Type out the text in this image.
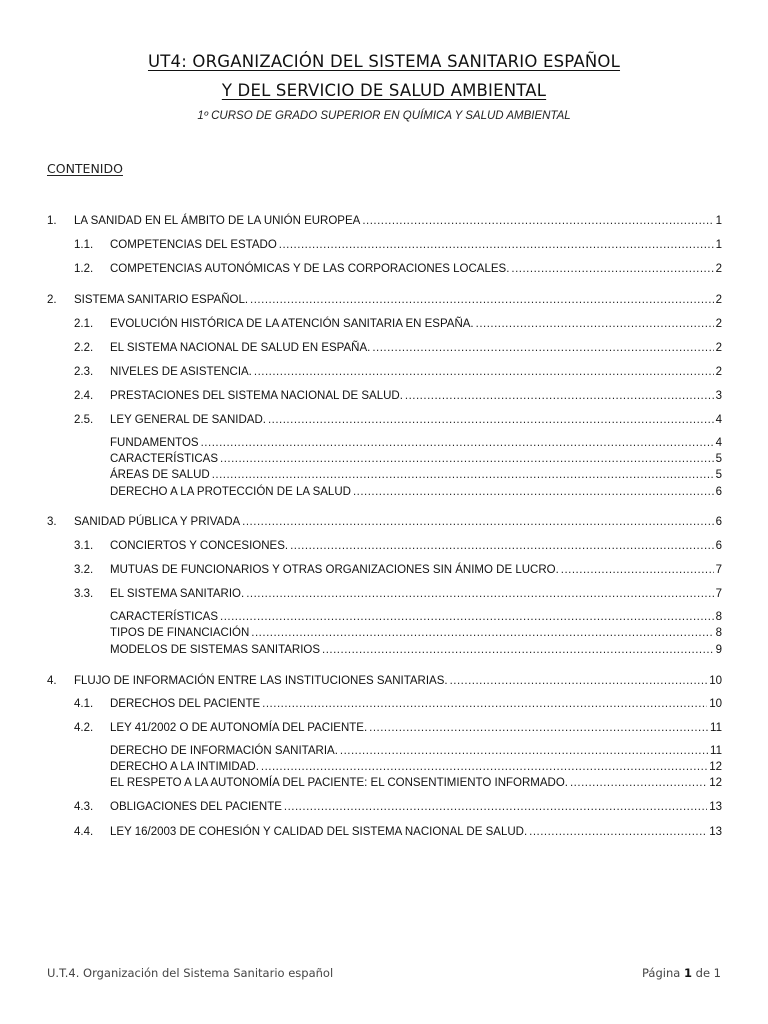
UT4: ORGANIZACIÓN DEL SISTEMA SANITARIO ESPAÑOL
Y DEL SERVICIO DE SALUD AMBIENTAL
1º CURSO DE GRADO SUPERIOR EN QUÍMICA Y SALUD AMBIENTAL
CONTENIDO
1.	LA SANIDAD EN EL ÁMBITO DE LA UNIÓN EUROPEA .....	1
1.1.	COMPETENCIAS DEL ESTADO .....	1
1.2.	COMPETENCIAS AUTONÓMICAS Y DE LAS CORPORACIONES LOCALES. .....	2
2.	SISTEMA SANITARIO ESPAÑOL. .....	2
2.1.	EVOLUCIÓN HISTÓRICA DE LA ATENCIÓN SANITARIA EN ESPAÑA. .....	2
2.2.	EL SISTEMA NACIONAL DE SALUD EN ESPAÑA. .....	2
2.3.	NIVELES DE ASISTENCIA. .....	2
2.4.	PRESTACIONES DEL SISTEMA NACIONAL DE SALUD. .....	3
2.5.	LEY GENERAL DE SANIDAD. .....	4
FUNDAMENTOS .....	4
CARACTERÍSTICAS .....	5
ÁREAS DE SALUD .....	5
DERECHO A LA PROTECCIÓN DE LA SALUD .....	6
3.	SANIDAD PÚBLICA Y PRIVADA .....	6
3.1.	CONCIERTOS Y CONCESIONES. .....	6
3.2.	MUTUAS DE FUNCIONARIOS Y OTRAS ORGANIZACIONES SIN ÁNIMO DE LUCRO. .....	7
3.3.	EL SISTEMA SANITARIO. .....	7
CARACTERÍSTICAS .....	8
TIPOS DE FINANCIACIÓN .....	8
MODELOS DE SISTEMAS SANITARIOS .....	9
4.	FLUJO DE INFORMACIÓN ENTRE LAS INSTITUCIONES SANITARIAS. .....	10
4.1.	DERECHOS DEL PACIENTE .....	10
4.2.	LEY 41/2002 O DE AUTONOMÍA DEL PACIENTE. .....	11
DERECHO DE INFORMACIÓN SANITARIA. .....	11
DERECHO A LA INTIMIDAD. .....	12
EL RESPETO A LA AUTONOMÍA DEL PACIENTE: EL CONSENTIMIENTO INFORMADO. .....	12
4.3.	OBLIGACIONES DEL PACIENTE .....	13
4.4.	LEY 16/2003 DE COHESIÓN Y CALIDAD DEL SISTEMA NACIONAL DE SALUD. .....	13
U.T.4. Organización del Sistema Sanitario español	Página 1 de 1
